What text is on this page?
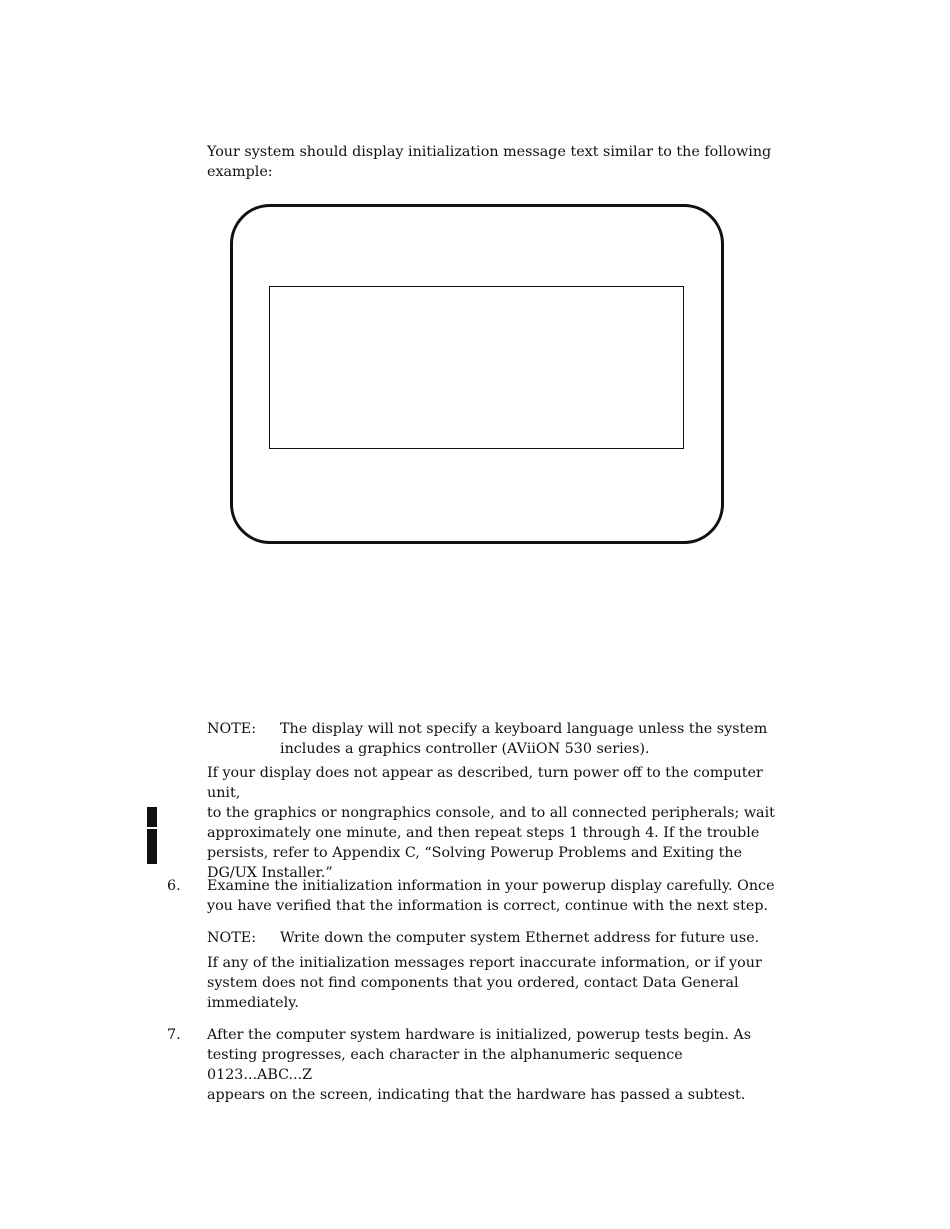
Your system should display initialization message text similar to the following
example:
NOTE: The display will not specify a keyboard language unless the system
includes a graphics controller (AViiON 530 series).
If your display does not appear as described, turn power off to the computer unit,
to the graphics or nongraphics console, and to all connected peripherals; wait
approximately one minute, and then repeat steps 1 through 4. If the trouble
persists, refer to Appendix C, “Solving Powerup Problems and Exiting the
DG/UX Installer.”
6. Examine the initialization information in your powerup display carefully. Once
you have verified that the information is correct, continue with the next step.
NOTE: Write down the computer system Ethernet address for future use.
If any of the initialization messages report inaccurate information, or if your
system does not find components that you ordered, contact Data General
immediately.
7. After the computer system hardware is initialized, powerup tests begin. As
testing progresses, each character in the alphanumeric sequence 0123...ABC...Z
appears on the screen, indicating that the hardware has passed a subtest.
